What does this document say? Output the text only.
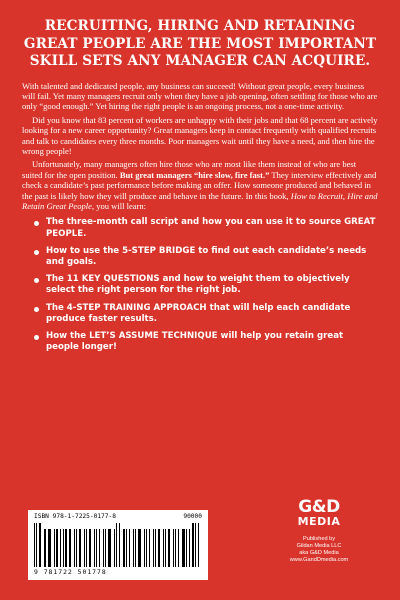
RECRUITING, HIRING AND RETAINING GREAT PEOPLE ARE THE MOST IMPORTANT SKILL SETS ANY MANAGER CAN ACQUIRE.

With talented and dedicated people, any business can succeed! Without great people, every business will fail. Yet many managers recruit only when they have a job opening, often settling for those who are only “good enough.” Yet hiring the right people is an ongoing process, not a one-time activity.

Did you know that 83 percent of workers are unhappy with their jobs and that 68 percent are actively looking for a new career opportunity? Great managers keep in contact frequently with qualified recruits and talk to candidates every three months. Poor managers wait until they have a need, and then hire the wrong people!

Unfortunately, many managers often hire those who are most like them instead of who are best suited for the open position. But great managers “hire slow, fire fast.” They interview effectively and check a candidate’s past performance before making an offer. How someone produced and behaved in the past is likely how they will produce and behave in the future. In this book, How to Recruit, Hire and Retain Great People, you will learn:

The three-month call script and how you can use it to source GREAT PEOPLE.
How to use the 5-STEP BRIDGE to find out each candidate’s needs and goals.
The 11 KEY QUESTIONS and how to weight them to objectively select the right person for the right job.
The 4-STEP TRAINING APPROACH that will help each candidate produce faster results.
How the LET’S ASSUME TECHNIQUE will help you retain great people longer!
ISBN 978-1-7225-0177-8	90000
9 781722 501778
G&D
MEDIA
Published by
Gildan Media LLC
aka G&D Media
www.GandDmedia.com
